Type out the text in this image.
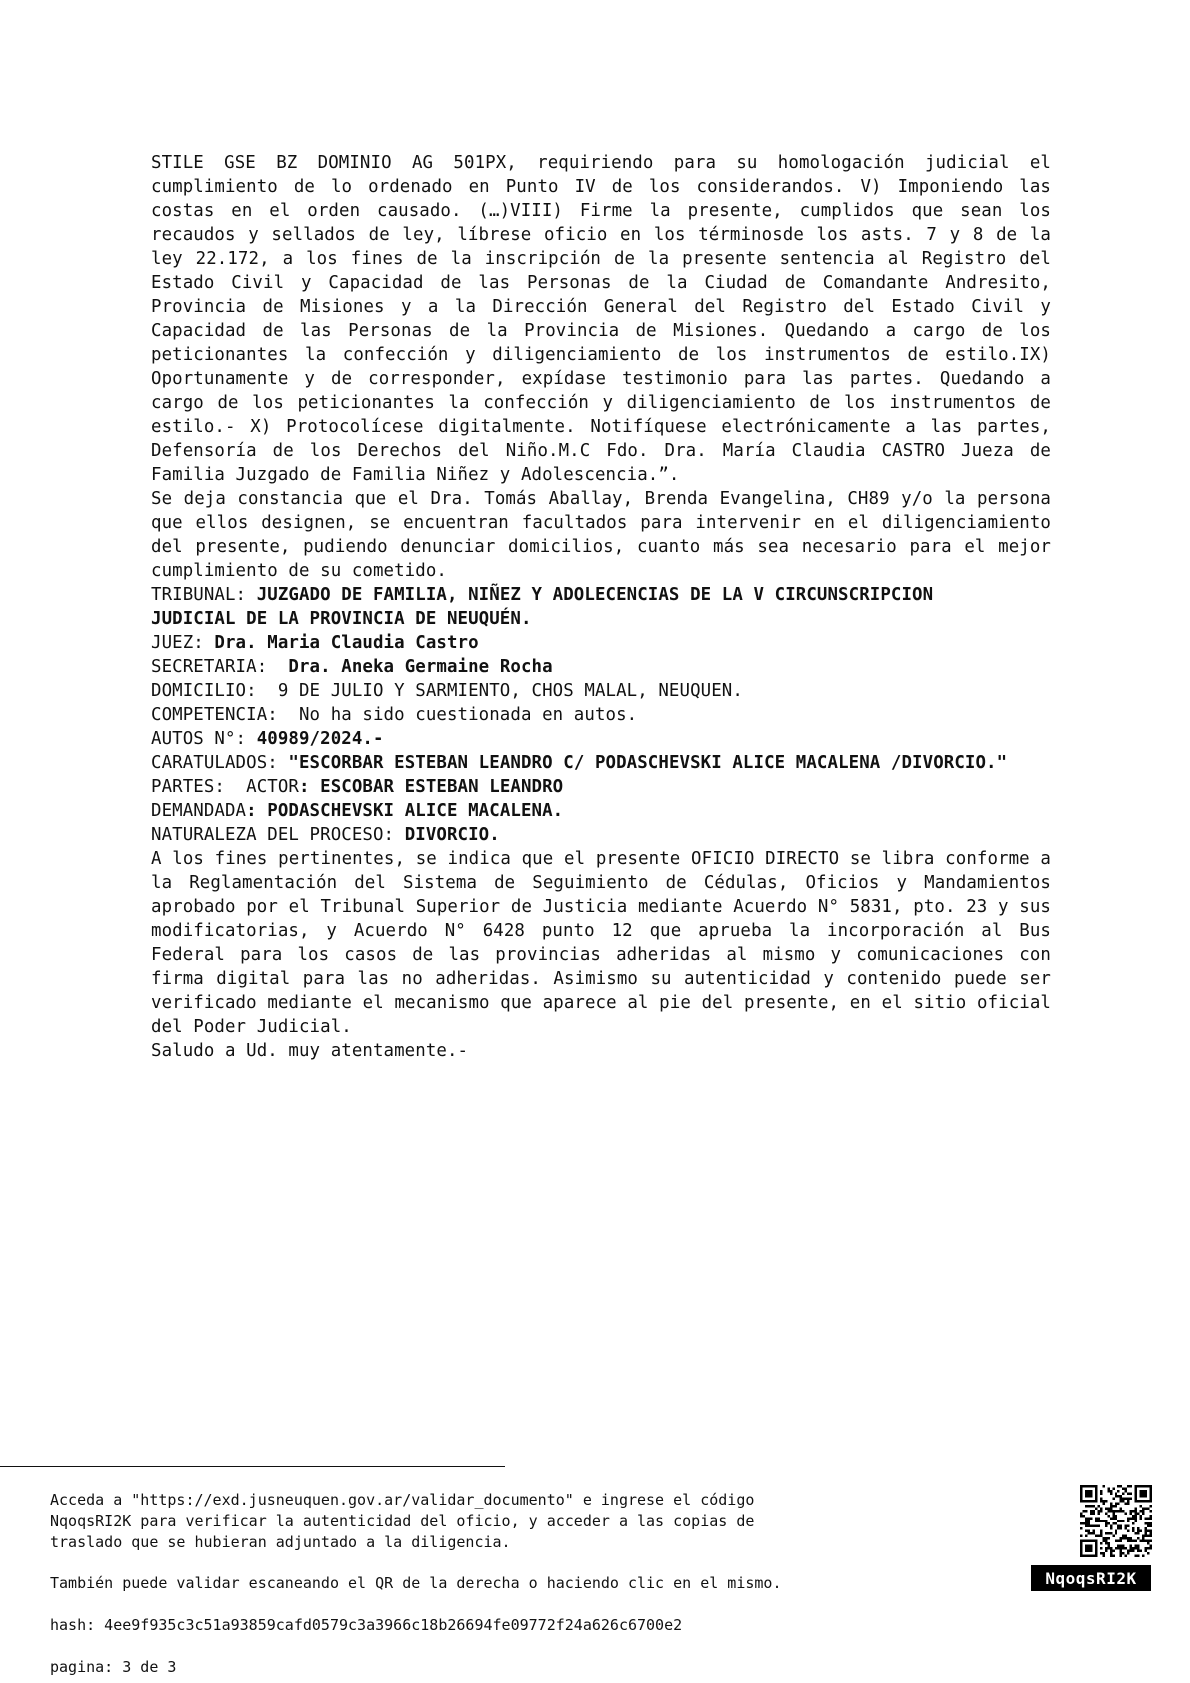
STILE GSE BZ DOMINIO AG 501PX, requiriendo para su homologación judicial el cumplimiento de lo ordenado en Punto IV de los considerandos. V) Imponiendo las costas en el orden causado. (…)VIII) Firme la presente, cumplidos que sean los recaudos y sellados de ley, líbrese oficio en los términosde los asts. 7 y 8 de la ley 22.172, a los fines de la inscripción de la presente sentencia al Registro del Estado Civil y Capacidad de las Personas de la Ciudad de Comandante Andresito, Provincia de Misiones y a la Dirección General del Registro del Estado Civil y Capacidad de las Personas de la Provincia de Misiones. Quedando a cargo de los peticionantes la confección y diligenciamiento de los instrumentos de estilo.IX) Oportunamente y de corresponder, expídase testimonio para las partes. Quedando a cargo de los peticionantes la confección y diligenciamiento de los instrumentos de estilo.- X) Protocolícese digitalmente. Notifíquese electrónicamente a las partes, Defensoría de los Derechos del Niño.M.C Fdo. Dra. María Claudia CASTRO Jueza de Familia Juzgado de Familia Niñez y Adolescencia.”.

Se deja constancia que el Dra. Tomás Aballay, Brenda Evangelina, CH89 y/o la persona que ellos designen, se encuentran facultados para intervenir en el diligenciamiento del presente, pudiendo denunciar domicilios, cuanto más sea necesario para el mejor cumplimiento de su cometido.

TRIBUNAL: JUZGADO DE FAMILIA, NIÑEZ Y ADOLECENCIAS DE LA V CIRCUNSCRIPCION

JUDICIAL DE LA PROVINCIA DE NEUQUÉN.

JUEZ: Dra. Maria Claudia Castro

SECRETARIA:  Dra. Aneka Germaine Rocha

DOMICILIO:  9 DE JULIO Y SARMIENTO, CHOS MALAL, NEUQUEN.

COMPETENCIA:  No ha sido cuestionada en autos.

AUTOS N°: 40989/2024.-

CARATULADOS: "ESCORBAR ESTEBAN LEANDRO C/ PODASCHEVSKI ALICE MACALENA /DIVORCIO."

PARTES:  ACTOR: ESCOBAR ESTEBAN LEANDRO

DEMANDADA: PODASCHEVSKI ALICE MACALENA.

NATURALEZA DEL PROCESO: DIVORCIO.

A los fines pertinentes, se indica que el presente OFICIO DIRECTO se libra conforme a la Reglamentación del Sistema de Seguimiento de Cédulas, Oficios y Mandamientos aprobado por el Tribunal Superior de Justicia mediante Acuerdo N° 5831, pto. 23 y sus modificatorias, y Acuerdo N° 6428 punto 12 que aprueba la incorporación al Bus Federal para los casos de las provincias adheridas al mismo y comunicaciones con firma digital para las no adheridas. Asimismo su autenticidad y contenido puede ser verificado mediante el mecanismo que aparece al pie del presente, en el sitio oficial del Poder Judicial.

Saludo a Ud. muy atentamente.-

Acceda a "https://exd.jusneuquen.gov.ar/validar_documento" e ingrese el código
NqoqsRI2K para verificar la autenticidad del oficio, y acceder a las copias de
traslado que se hubieran adjuntado a la diligencia.
También puede validar escaneando el QR de la derecha o haciendo clic en el mismo.
hash: 4ee9f935c3c51a93859cafd0579c3a3966c18b26694fe09772f24a626c6700e2
pagina: 3 de 3
NqoqsRI2K
